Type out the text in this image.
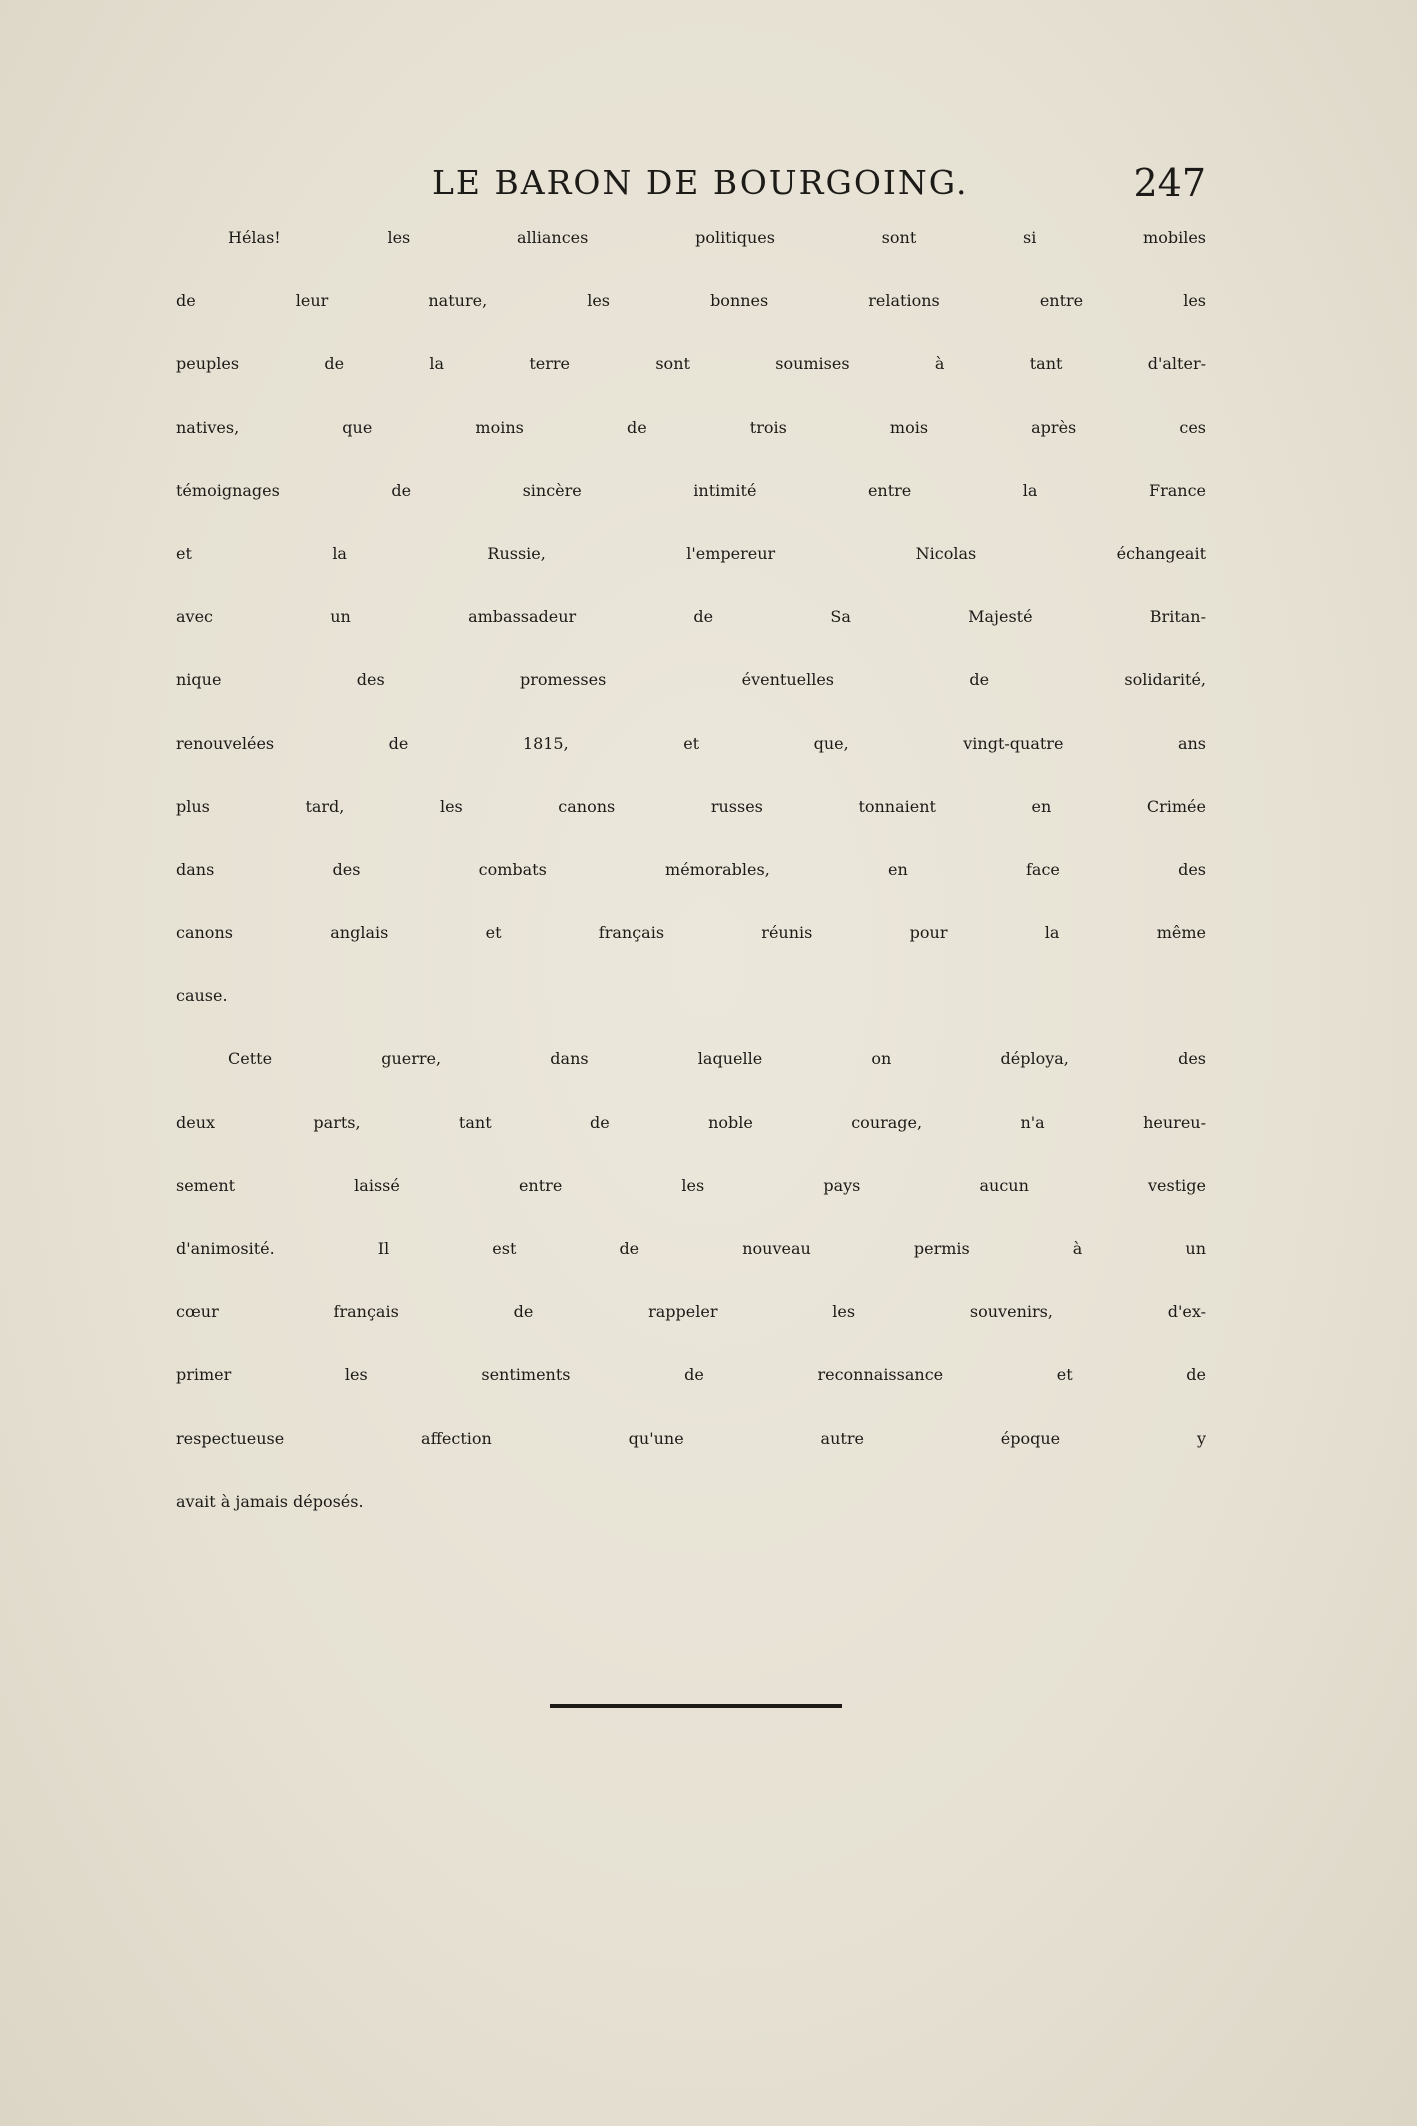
LE BARON DE BOURGOING.	247
Hélas! les alliances politiques sont si mobiles
de leur nature, les bonnes relations entre les
peuples de la terre sont soumises à tant d'alter-
natives, que moins de trois mois après ces
témoignages de sincère intimité entre la France
et la Russie, l'empereur Nicolas échangeait
avec un ambassadeur de Sa Majesté Britan-
nique des promesses éventuelles de solidarité,
renouvelées de 1815, et que, vingt-quatre ans
plus tard, les canons russes tonnaient en Crimée
dans des combats mémorables, en face des
canons anglais et français réunis pour la même
cause.
Cette guerre, dans laquelle on déploya, des
deux parts, tant de noble courage, n'a heureu-
sement laissé entre les pays aucun vestige
d'animosité. Il est de nouveau permis à un
cœur français de rappeler les souvenirs, d'ex-
primer les sentiments de reconnaissance et de
respectueuse affection qu'une autre époque y
avait à jamais déposés.
